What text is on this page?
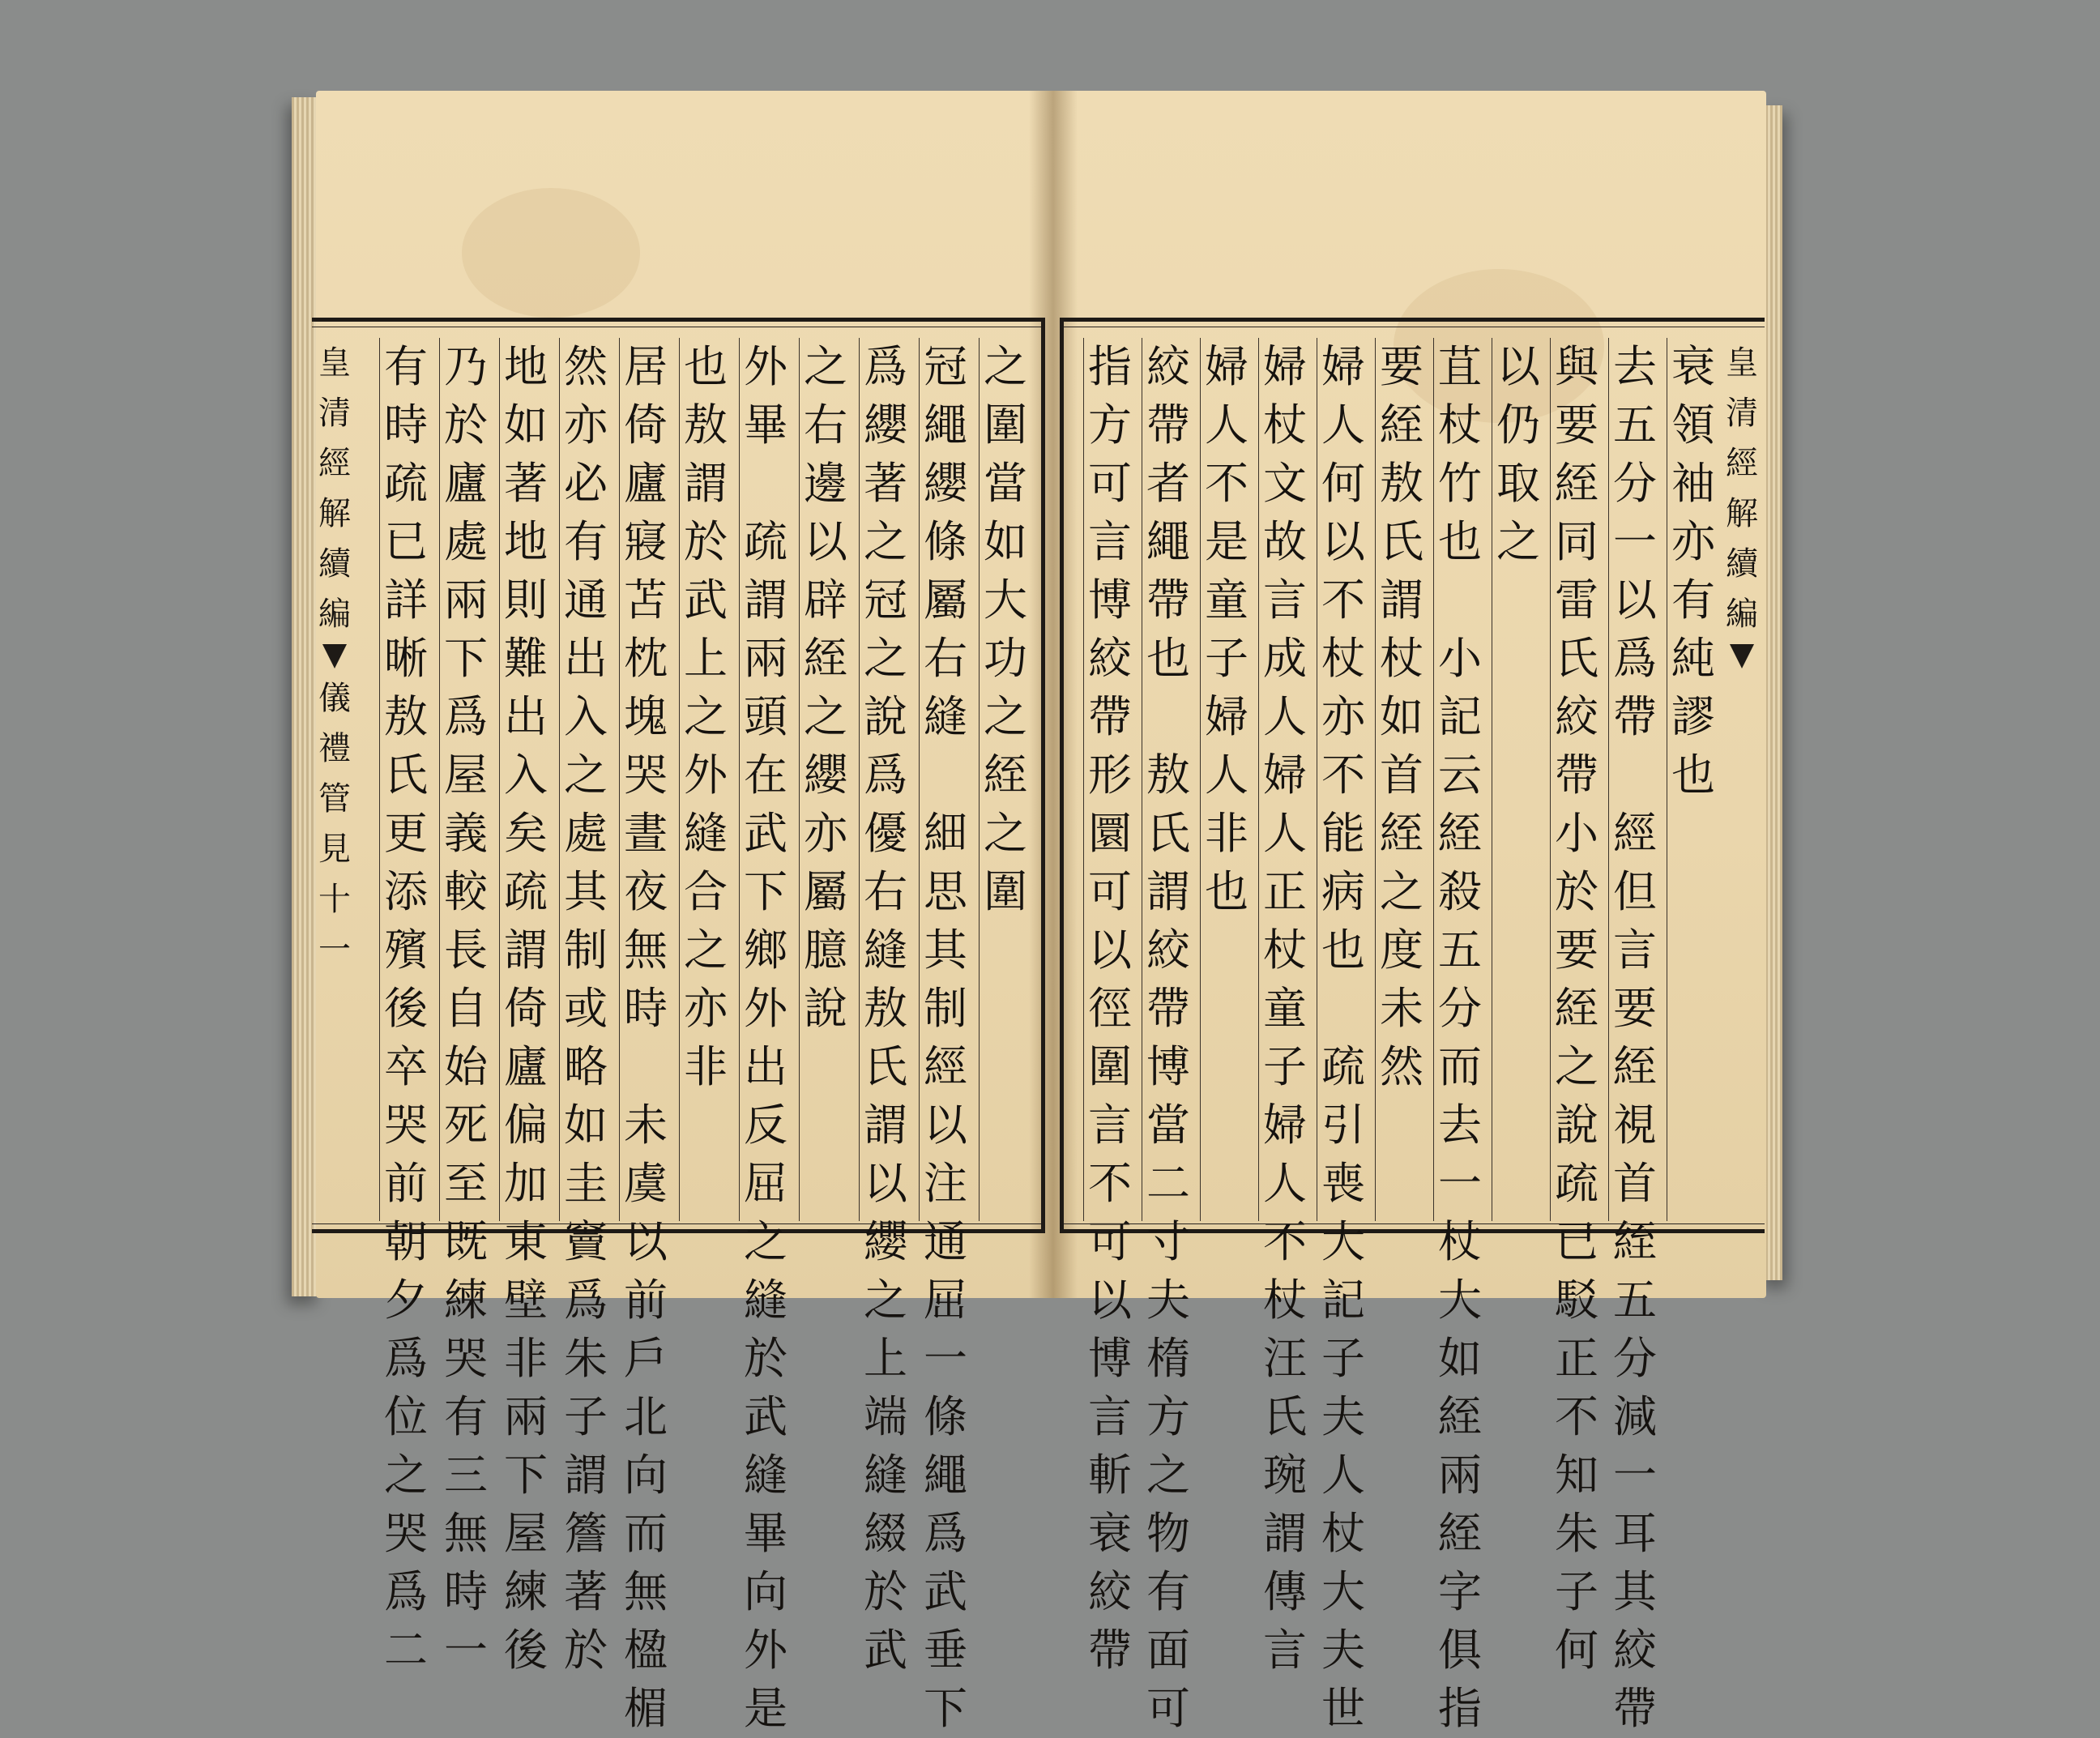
皇
清
經
解
續
編
衰
領
袖
亦
有
純
謬
也
去
五
分
一
以
爲
帶

經
但
言
要
絰
視
首
絰
五
分
減
一
耳
其
絞
帶
與
要
絰
同
雷
氏
絞
帶
小
於
要
絰
之
說
疏
已
駁
正
不
知
朱
子
何
以
仍
取
之
苴
杖
竹
也

小
記
云
絰
殺
五
分
而
去
一
杖
大
如
絰
兩
絰
字
俱
指
要
絰
敖
氏
謂
杖
如
首
絰
之
度
未
然
婦
人
何
以
不
杖
亦
不
能
病
也

疏
引
喪
大
記
子
夫
人
杖
大
夫
世
婦
杖
文
故
言
成
人
婦
人
正
杖
童
子
婦
人
不
杖
汪
氏
琬
謂
傳
言
婦
人
不
是
童
子
婦
人
非
也
絞
帶
者
繩
帶
也

敖
氏
謂
絞
帶
博
當
二
寸
夫
楕
方
之
物
有
面
可
指
方
可
言
博
絞
帶
形
圜
可
以
徑
圍
言
不
可
以
博
言
斬
衰
絞
帶
皇
清
經
解
續
編
儀
禮
管
見
十
一
之
圍
當
如
大
功
之
絰
之
圍
冠
繩
纓
條
屬
右
縫

細
思
其
制
經
以
注
通
屈
一
條
繩
爲
武
垂
下
爲
纓
著
之
冠
之
說
爲
優
右
縫
敖
氏
謂
以
纓
之
上
端
縫
綴
於
武
之
右
邊
以
辟
絰
之
纓
亦
屬
臆
說
外
畢

疏
謂
兩
頭
在
武
下
鄉
外
出
反
屈
之
縫
於
武
縫
畢
向
外
是
也
敖
謂
於
武
上
之
外
縫
合
之
亦
非
居
倚
廬
寢
苫
枕
塊
哭
晝
夜
無
時

未
虞
以
前
戶
北
向
而
無
楹
楣
然
亦
必
有
通
出
入
之
處
其
制
或
略
如
圭
竇
爲
朱
子
謂
簷
著
於
地
如
著
地
則
難
出
入
矣
疏
謂
倚
廬
偏
加
東
壁
非
兩
下
屋
練
後
乃
於
廬
處
兩
下
爲
屋
義
較
長
自
始
死
至
既
練
哭
有
三
無
時
一
有
時
疏
已
詳
晰
敖
氏
更
添
殯
後
卒
哭
前
朝
夕
爲
位
之
哭
爲
二
